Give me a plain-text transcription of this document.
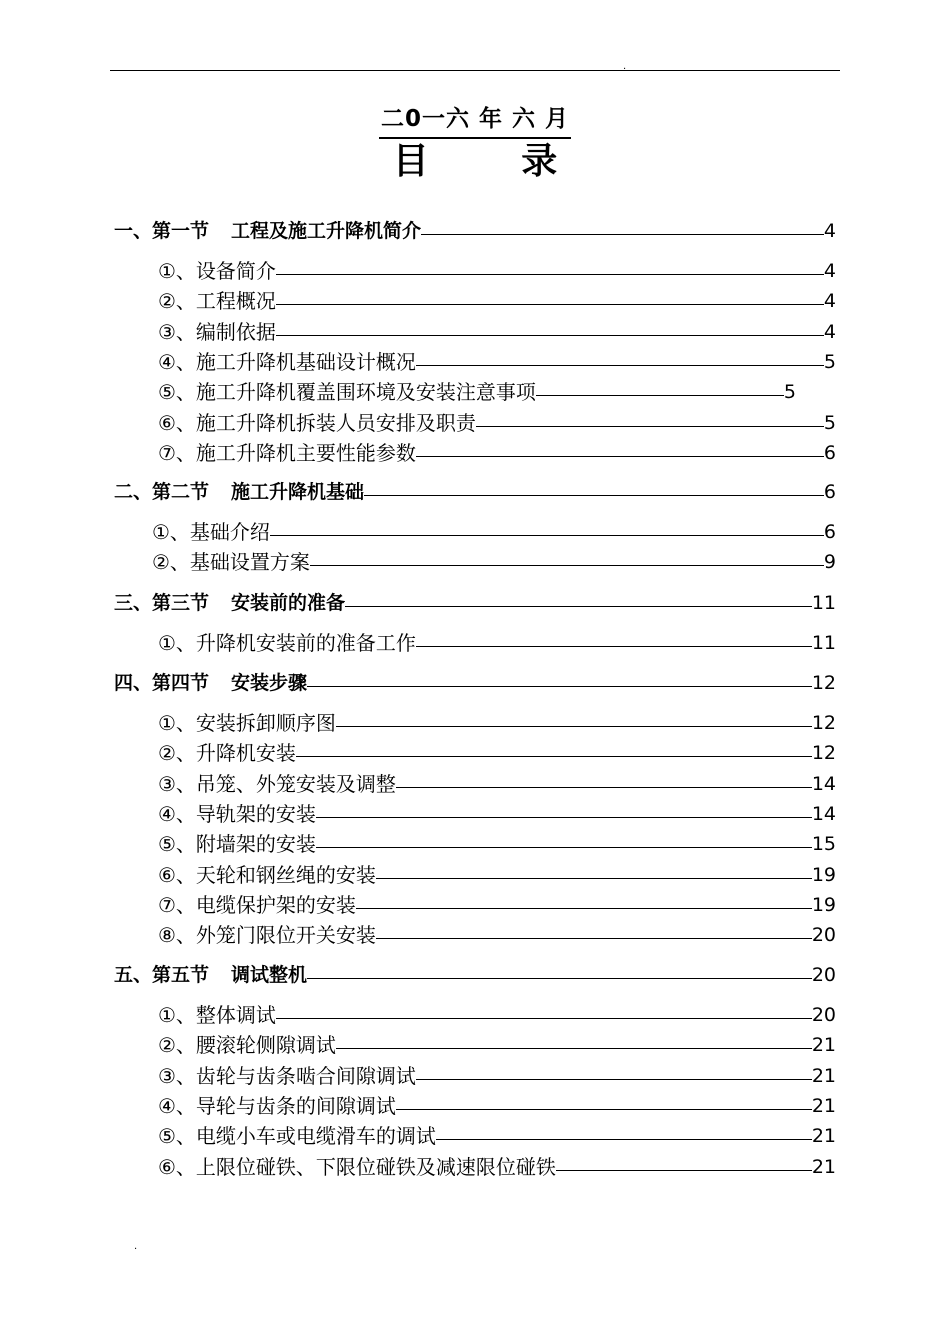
.
.
二0一六 年 六 月
目 录
一、第一节 工程及施工升降机简介	4
①、设备简介	4
②、工程概况	4
③、编制依据	4
④、施工升降机基础设计概况	5
⑤、施工升降机覆盖围环境及安装注意事项	5
⑥、施工升降机拆装人员安排及职责	5
⑦、施工升降机主要性能参数	6
二、第二节 施工升降机基础	6
①、基础介绍	6
②、基础设置方案	9
三、第三节 安装前的准备	11
①、升降机安装前的准备工作	11
四、第四节 安装步骤	12
①、安装拆卸顺序图	12
②、升降机安装	12
③、吊笼、外笼安装及调整	14
④、导轨架的安装	14
⑤、附墙架的安装	15
⑥、天轮和钢丝绳的安装	19
⑦、电缆保护架的安装	19
⑧、外笼门限位开关安装	20
五、第五节 调试整机	20
①、整体调试	20
②、腰滚轮侧隙调试	21
③、齿轮与齿条啮合间隙调试	21
④、导轮与齿条的间隙调试	21
⑤、电缆小车或电缆滑车的调试	21
⑥、上限位碰铁、下限位碰铁及减速限位碰铁	21
